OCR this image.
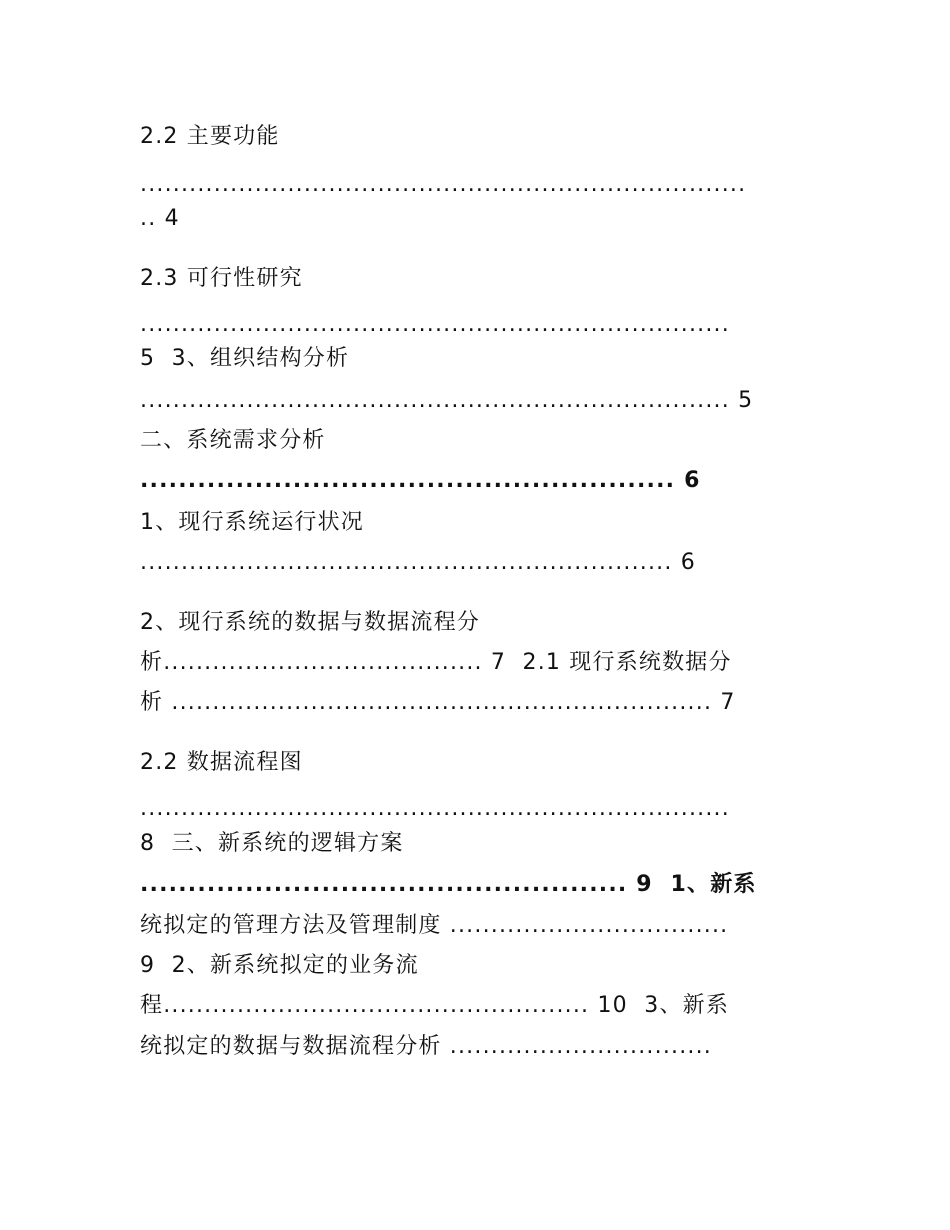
2.2 主要功能
..........................................................................
.. 4
2.3 可行性研究
........................................................................
5  3、组织结构分析
........................................................................ 5
二、系统需求分析
........................................................ 6
1、现行系统运行状况
................................................................. 6
2、现行系统的数据与数据流程分
析....................................... 7  2.1 现行系统数据分
析 .................................................................. 7
2.2 数据流程图
........................................................................
8  三、新系统的逻辑方案
................................................... 9  1、新系
统拟定的管理方法及管理制度 ..................................
9  2、新系统拟定的业务流
程.................................................... 10  3、新系
统拟定的数据与数据流程分析 ................................
